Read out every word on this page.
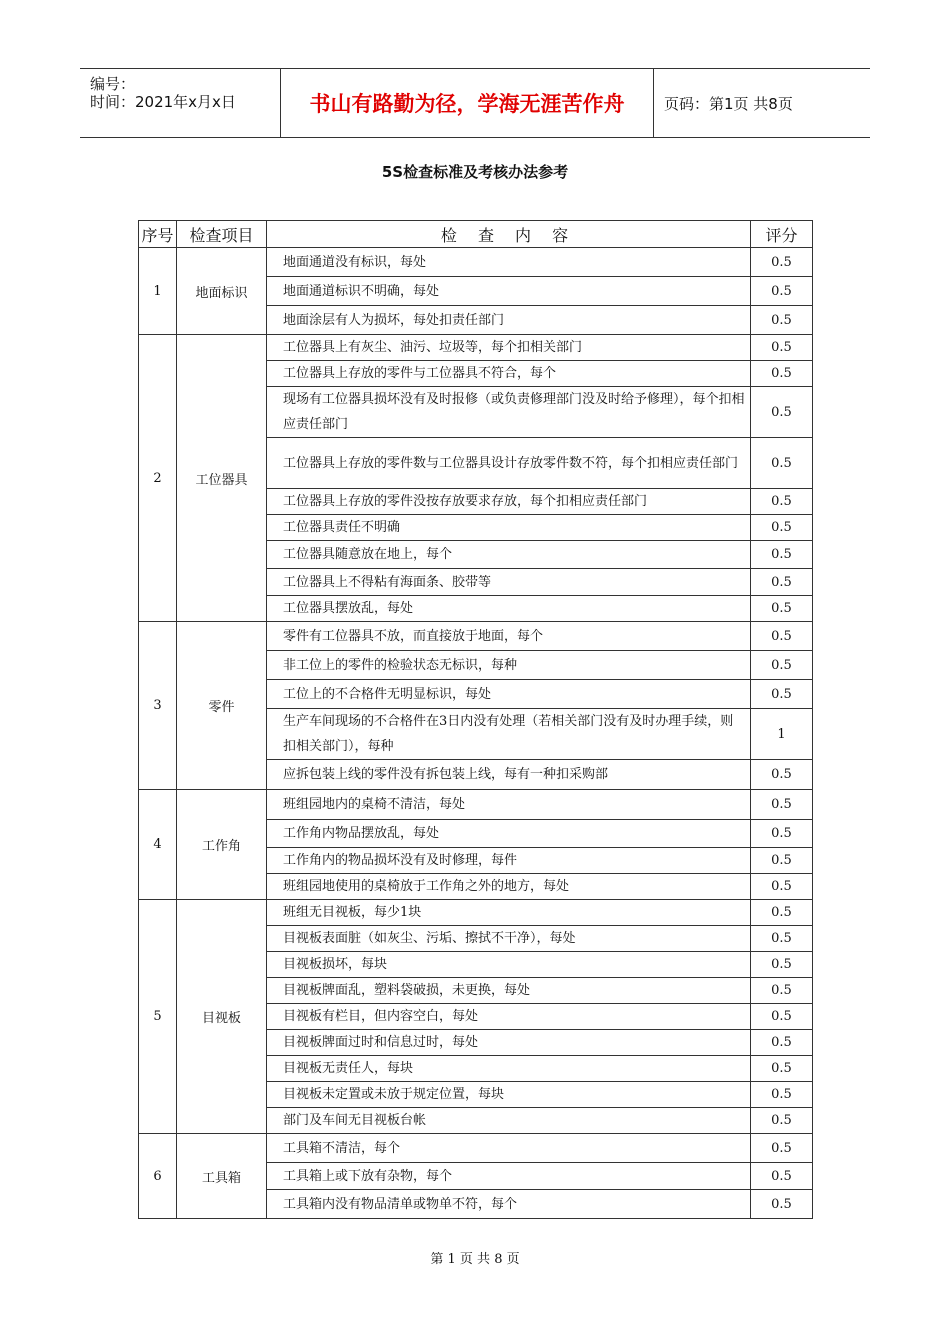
编号：
时间：2021年x月x日	书山有路勤为径，学海无涯苦作舟	页码：第1页 共8页
5S检查标准及考核办法参考
序号	检查项目	检 查 内 容	评分
1	地面标识	地面通道没有标识，每处	0.5
		地面通道标识不明确，每处	0.5
		地面涂层有人为损坏，每处扣责任部门	0.5
2	工位器具	工位器具上有灰尘、油污、垃圾等，每个扣相关部门	0.5
		工位器具上存放的零件与工位器具不符合，每个	0.5
		现场有工位器具损坏没有及时报修（或负责修理部门没及时给予修理），每个扣相应责任部门	0.5
		工位器具上存放的零件数与工位器具设计存放零件数不符，每个扣相应责任部门	0.5
		工位器具上存放的零件没按存放要求存放，每个扣相应责任部门	0.5
		工位器具责任不明确	0.5
		工位器具随意放在地上，每个	0.5
		工位器具上不得粘有海面条、胶带等	0.5
		工位器具摆放乱，每处	0.5
3	零件	零件有工位器具不放，而直接放于地面，每个	0.5
		非工位上的零件的检验状态无标识，每种	0.5
		工位上的不合格件无明显标识，每处	0.5
		生产车间现场的不合格件在3日内没有处理（若相关部门没有及时办理手续，则扣相关部门），每种	1
		应拆包装上线的零件没有拆包装上线，每有一种扣采购部	0.5
4	工作角	班组园地内的桌椅不清洁，每处	0.5
		工作角内物品摆放乱，每处	0.5
		工作角内的物品损坏没有及时修理，每件	0.5
		班组园地使用的桌椅放于工作角之外的地方，每处	0.5
5	目视板	班组无目视板，每少1块	0.5
		目视板表面脏（如灰尘、污垢、擦拭不干净），每处	0.5
		目视板损坏，每块	0.5
		目视板牌面乱，塑料袋破损，未更换，每处	0.5
		目视板有栏目，但内容空白，每处	0.5
		目视板牌面过时和信息过时，每处	0.5
		目视板无责任人，每块	0.5
		目视板未定置或未放于规定位置，每块	0.5
		部门及车间无目视板台帐	0.5
6	工具箱	工具箱不清洁，每个	0.5
		工具箱上或下放有杂物，每个	0.5
		工具箱内没有物品清单或物单不符，每个	0.5
第 1 页 共 8 页
